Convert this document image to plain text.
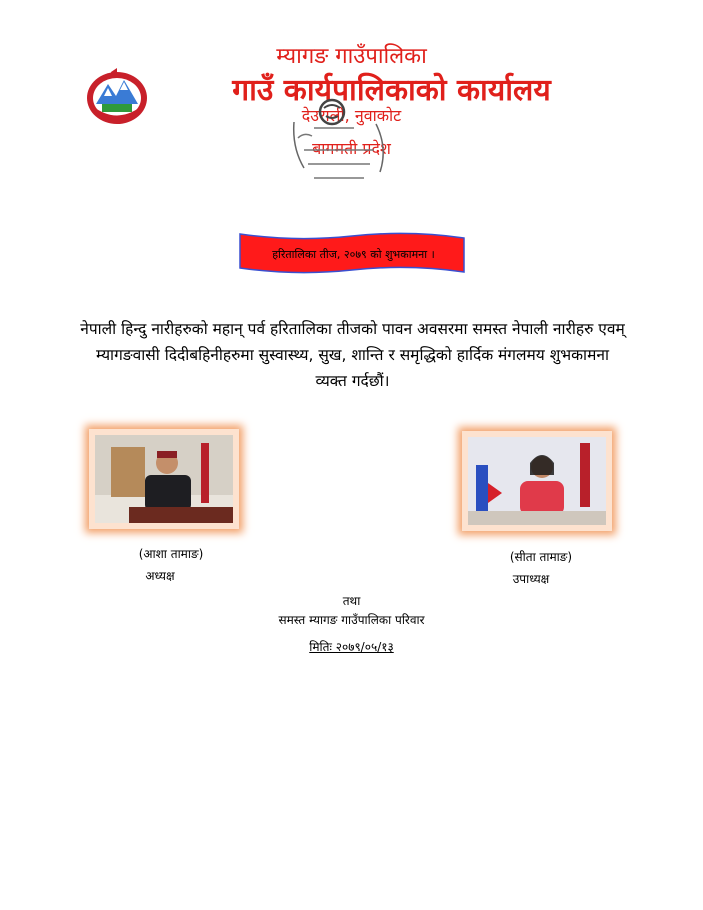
म्यागङ गाउँपालिका
गाउँ कार्यपालिकाको कार्यालय
देउराली, नुवाकोट
बागमती प्रदेश
हरितालिका तीज, २०७९ को शुभकामना ।
नेपाली हिन्दु नारीहरुको महान् पर्व हरितालिका तीजको पावन अवसरमा समस्त नेपाली नारीहरु एवम् म्यागङवासी दिदीबहिनीहरुमा सुस्वास्थ्य, सुख, शान्ति र समृद्धिको हार्दिक मंगलमय शुभकामना व्यक्त गर्दछौं।
(आशा तामाङ)
अध्यक्ष
(सीता तामाङ)
उपाध्यक्ष
तथा
समस्त म्यागङ गाउँपालिका परिवार
मितिः २०७९/०५/१३
